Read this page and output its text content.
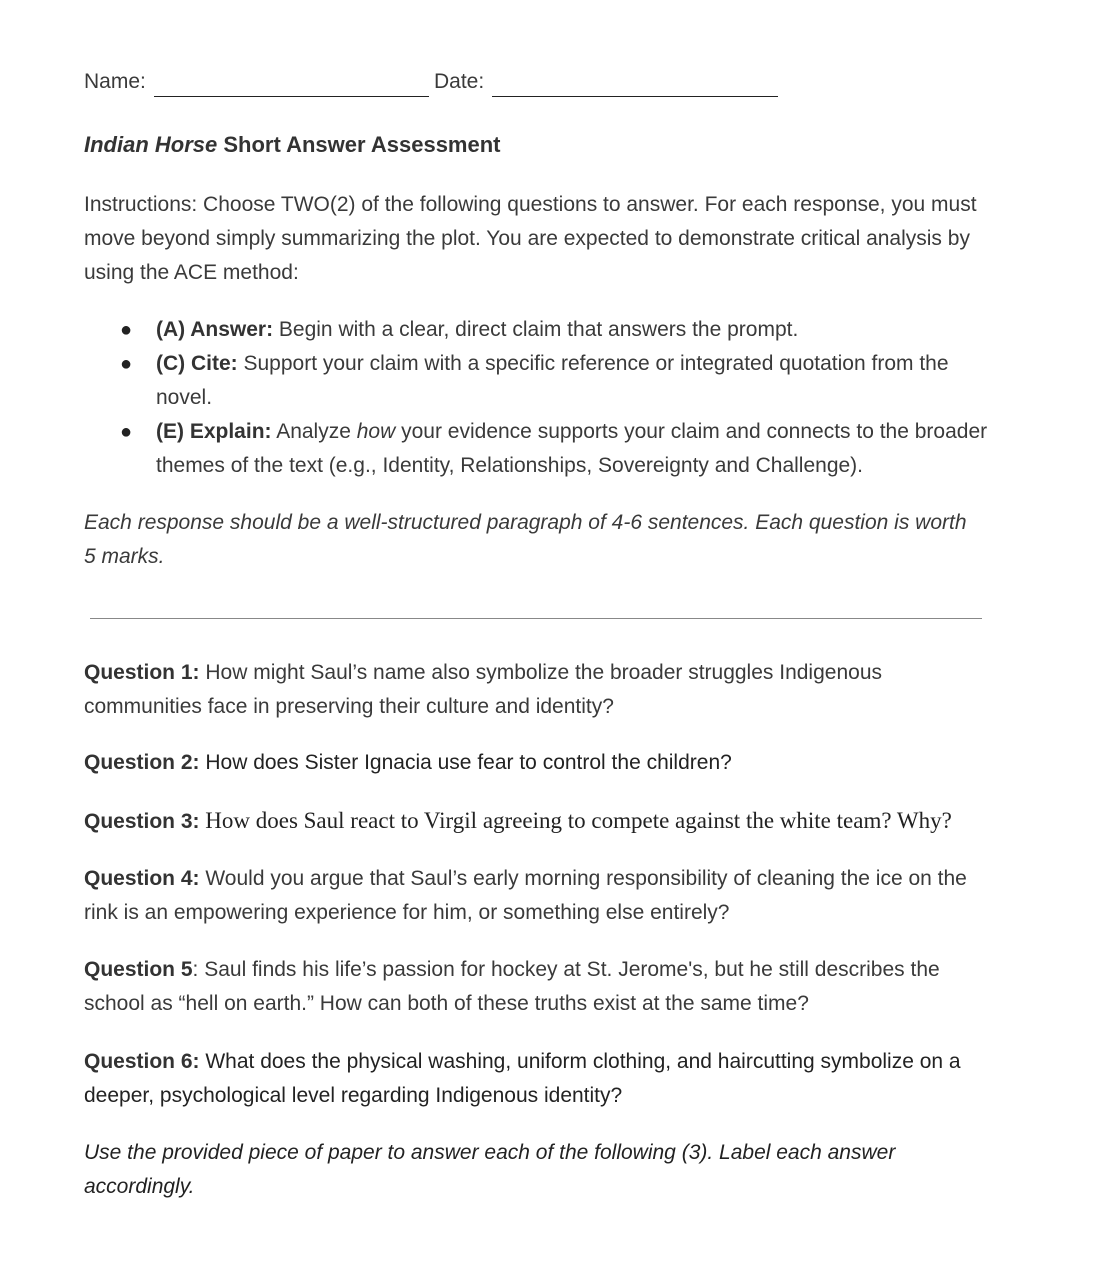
Name:	Date:
Indian Horse Short Answer Assessment
Instructions: Choose TWO(2) of the following questions to answer. For each response, you must move beyond simply summarizing the plot. You are expected to demonstrate critical analysis by using the ACE method:
● (A) Answer: Begin with a clear, direct claim that answers the prompt.
● (C) Cite: Support your claim with a specific reference or integrated quotation from the novel.
● (E) Explain: Analyze how your evidence supports your claim and connects to the broader themes of the text (e.g., Identity, Relationships, Sovereignty and Challenge).
Each response should be a well-structured paragraph of 4-6 sentences. Each question is worth 5 marks.
Question 1: How might Saul’s name also symbolize the broader struggles Indigenous communities face in preserving their culture and identity?
Question 2: How does Sister Ignacia use fear to control the children?
Question 3: How does Saul react to Virgil agreeing to compete against the white team? Why?
Question 4: Would you argue that Saul’s early morning responsibility of cleaning the ice on the rink is an empowering experience for him, or something else entirely?
Question 5: Saul finds his life’s passion for hockey at St. Jerome's, but he still describes the school as “hell on earth.” How can both of these truths exist at the same time?
Question 6: What does the physical washing, uniform clothing, and haircutting symbolize on a deeper, psychological level regarding Indigenous identity?
Use the provided piece of paper to answer each of the following (3). Label each answer accordingly.
